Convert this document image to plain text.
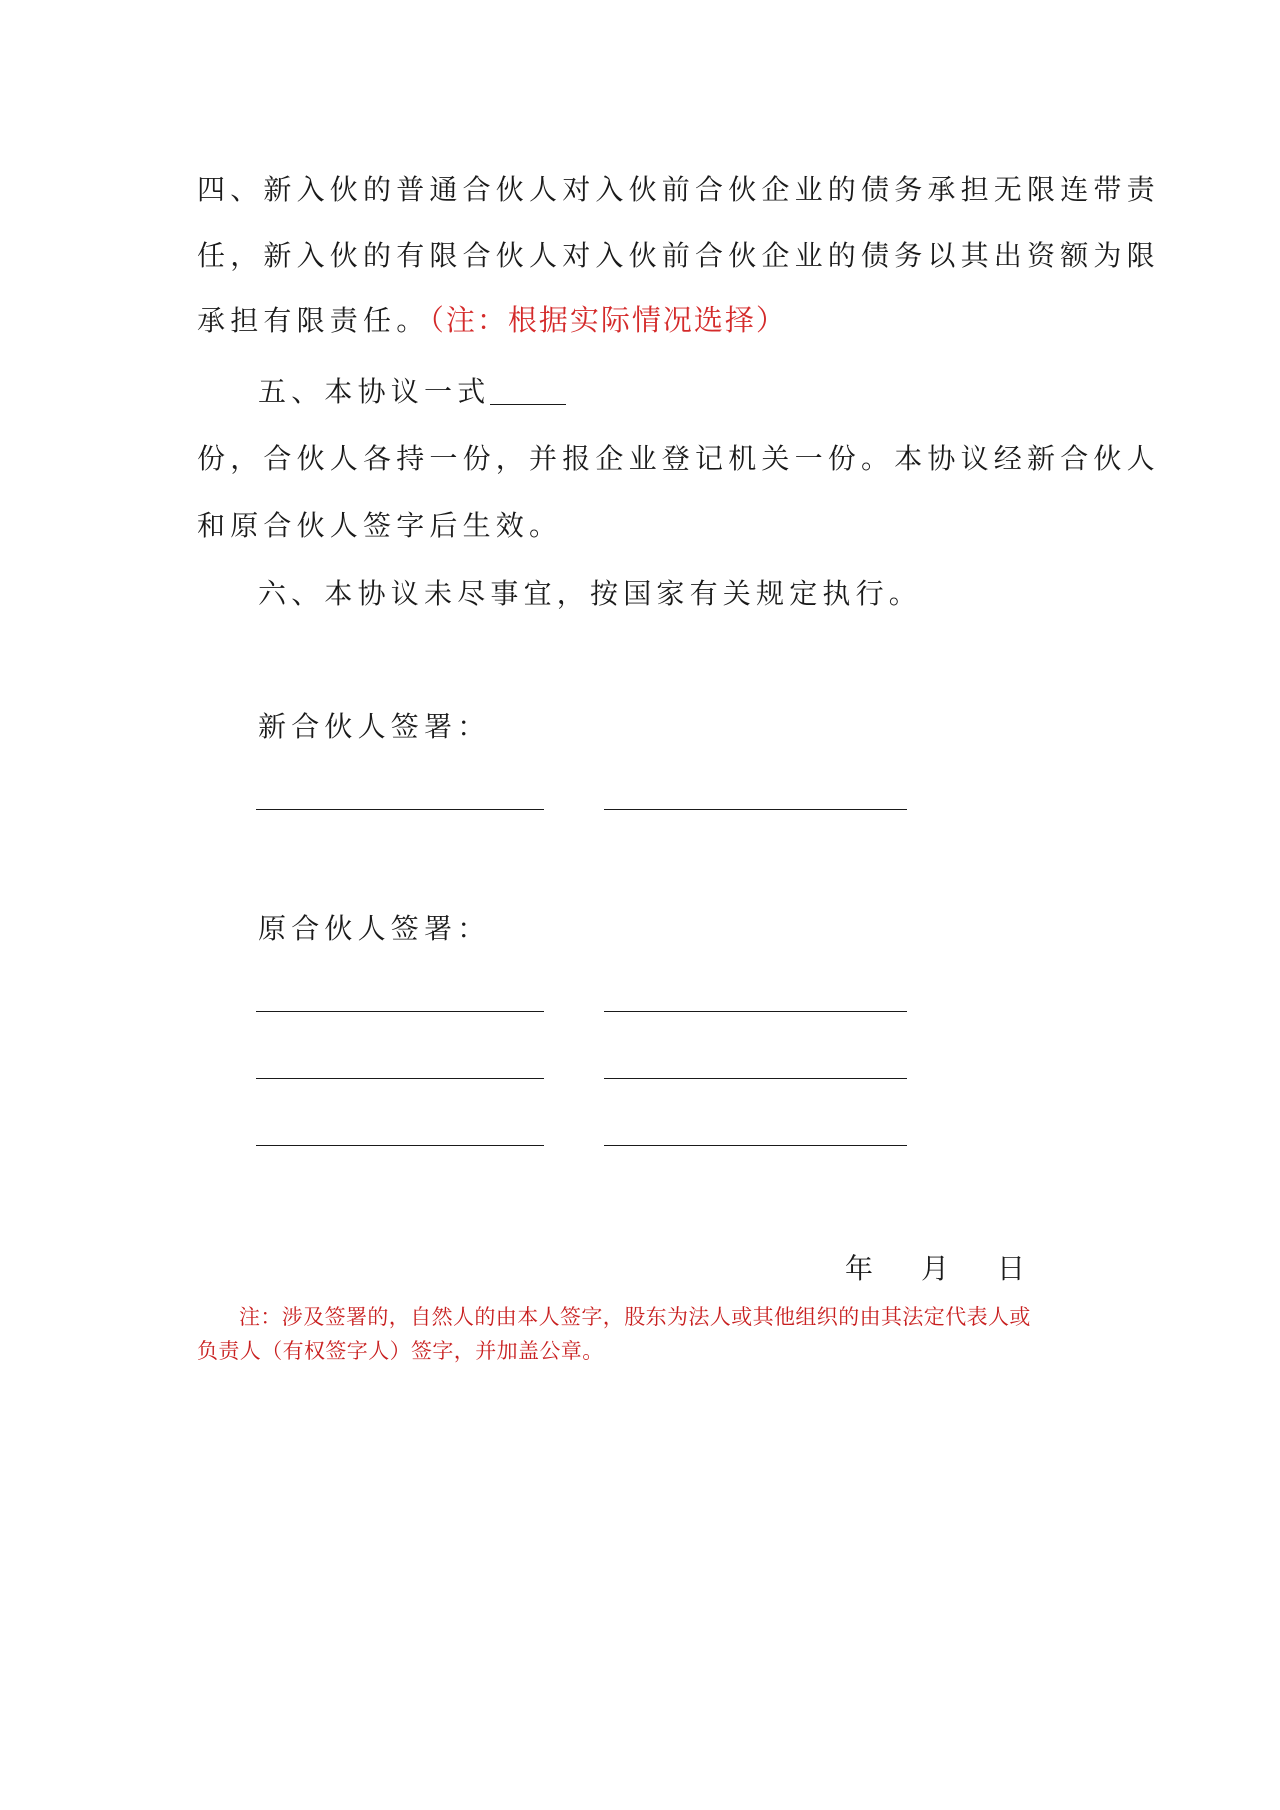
四、新入伙的普通合伙人对入伙前合伙企业的债务承担无限连带责
任，新入伙的有限合伙人对入伙前合伙企业的债务以其出资额为限
承担有限责任。（注：根据实际情况选择）
五、本协议一式
份，合伙人各持一份，并报企业登记机关一份。本协议经新合伙人
和原合伙人签字后生效。
六、本协议未尽事宜，按国家有关规定执行。
新合伙人签署：
原合伙人签署：
年 月 日
注：涉及签署的，自然人的由本人签字，股东为法人或其他组织的由其法定代表人或
负责人（有权签字人）签字，并加盖公章。
